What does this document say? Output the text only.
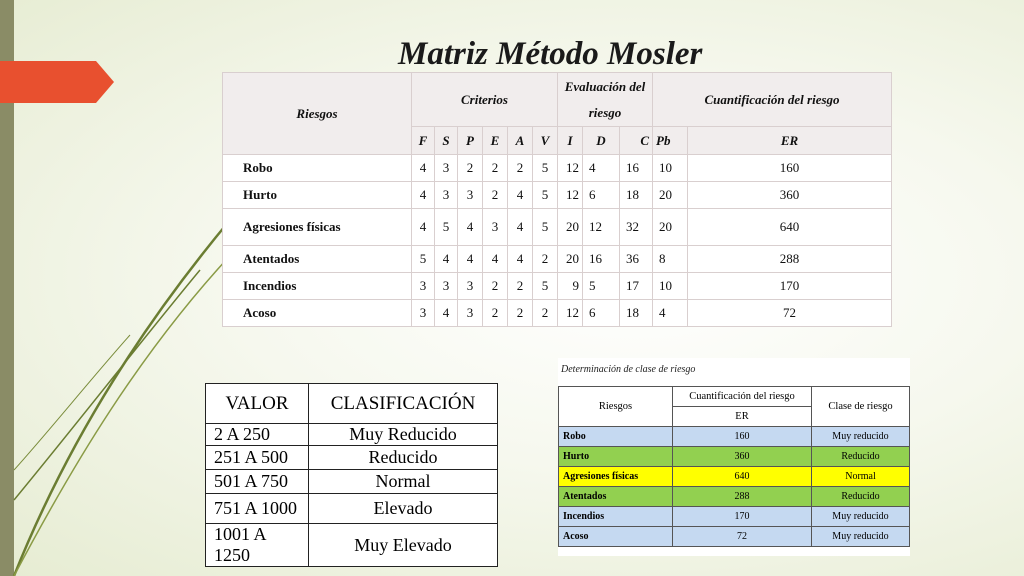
Matriz Método Mosler
Riesgos	Criterios						Evaluación del riesgo			Cuantificación del riesgo	
	F	S	P	E	A	V	I	D	C	Pb	ER
Robo	4	3	2	2	2	5	12	4	16	10	160
Hurto	4	3	3	2	4	5	12	6	18	20	360
Agresiones físicas	4	5	4	3	4	5	20	12	32	20	640
Atentados	5	4	4	4	4	2	20	16	36	8	288
Incendios	3	3	3	2	2	5	9	5	17	10	170
Acoso	3	4	3	2	2	2	12	6	18	4	72
VALOR	CLASIFICACIÓN
2 A 250	Muy Reducido
251 A 500	Reducido
501 A 750	Normal
751 A 1000	Elevado
1001 A 1250	Muy Elevado
Determinación de clase de riesgo
Riesgos	Cuantificación del riesgo	Clase de riesgo
	ER	
Robo	160	Muy reducido
Hurto	360	Reducido
Agresiones físicas	640	Normal
Atentados	288	Reducido
Incendios	170	Muy reducido
Acoso	72	Muy reducido
